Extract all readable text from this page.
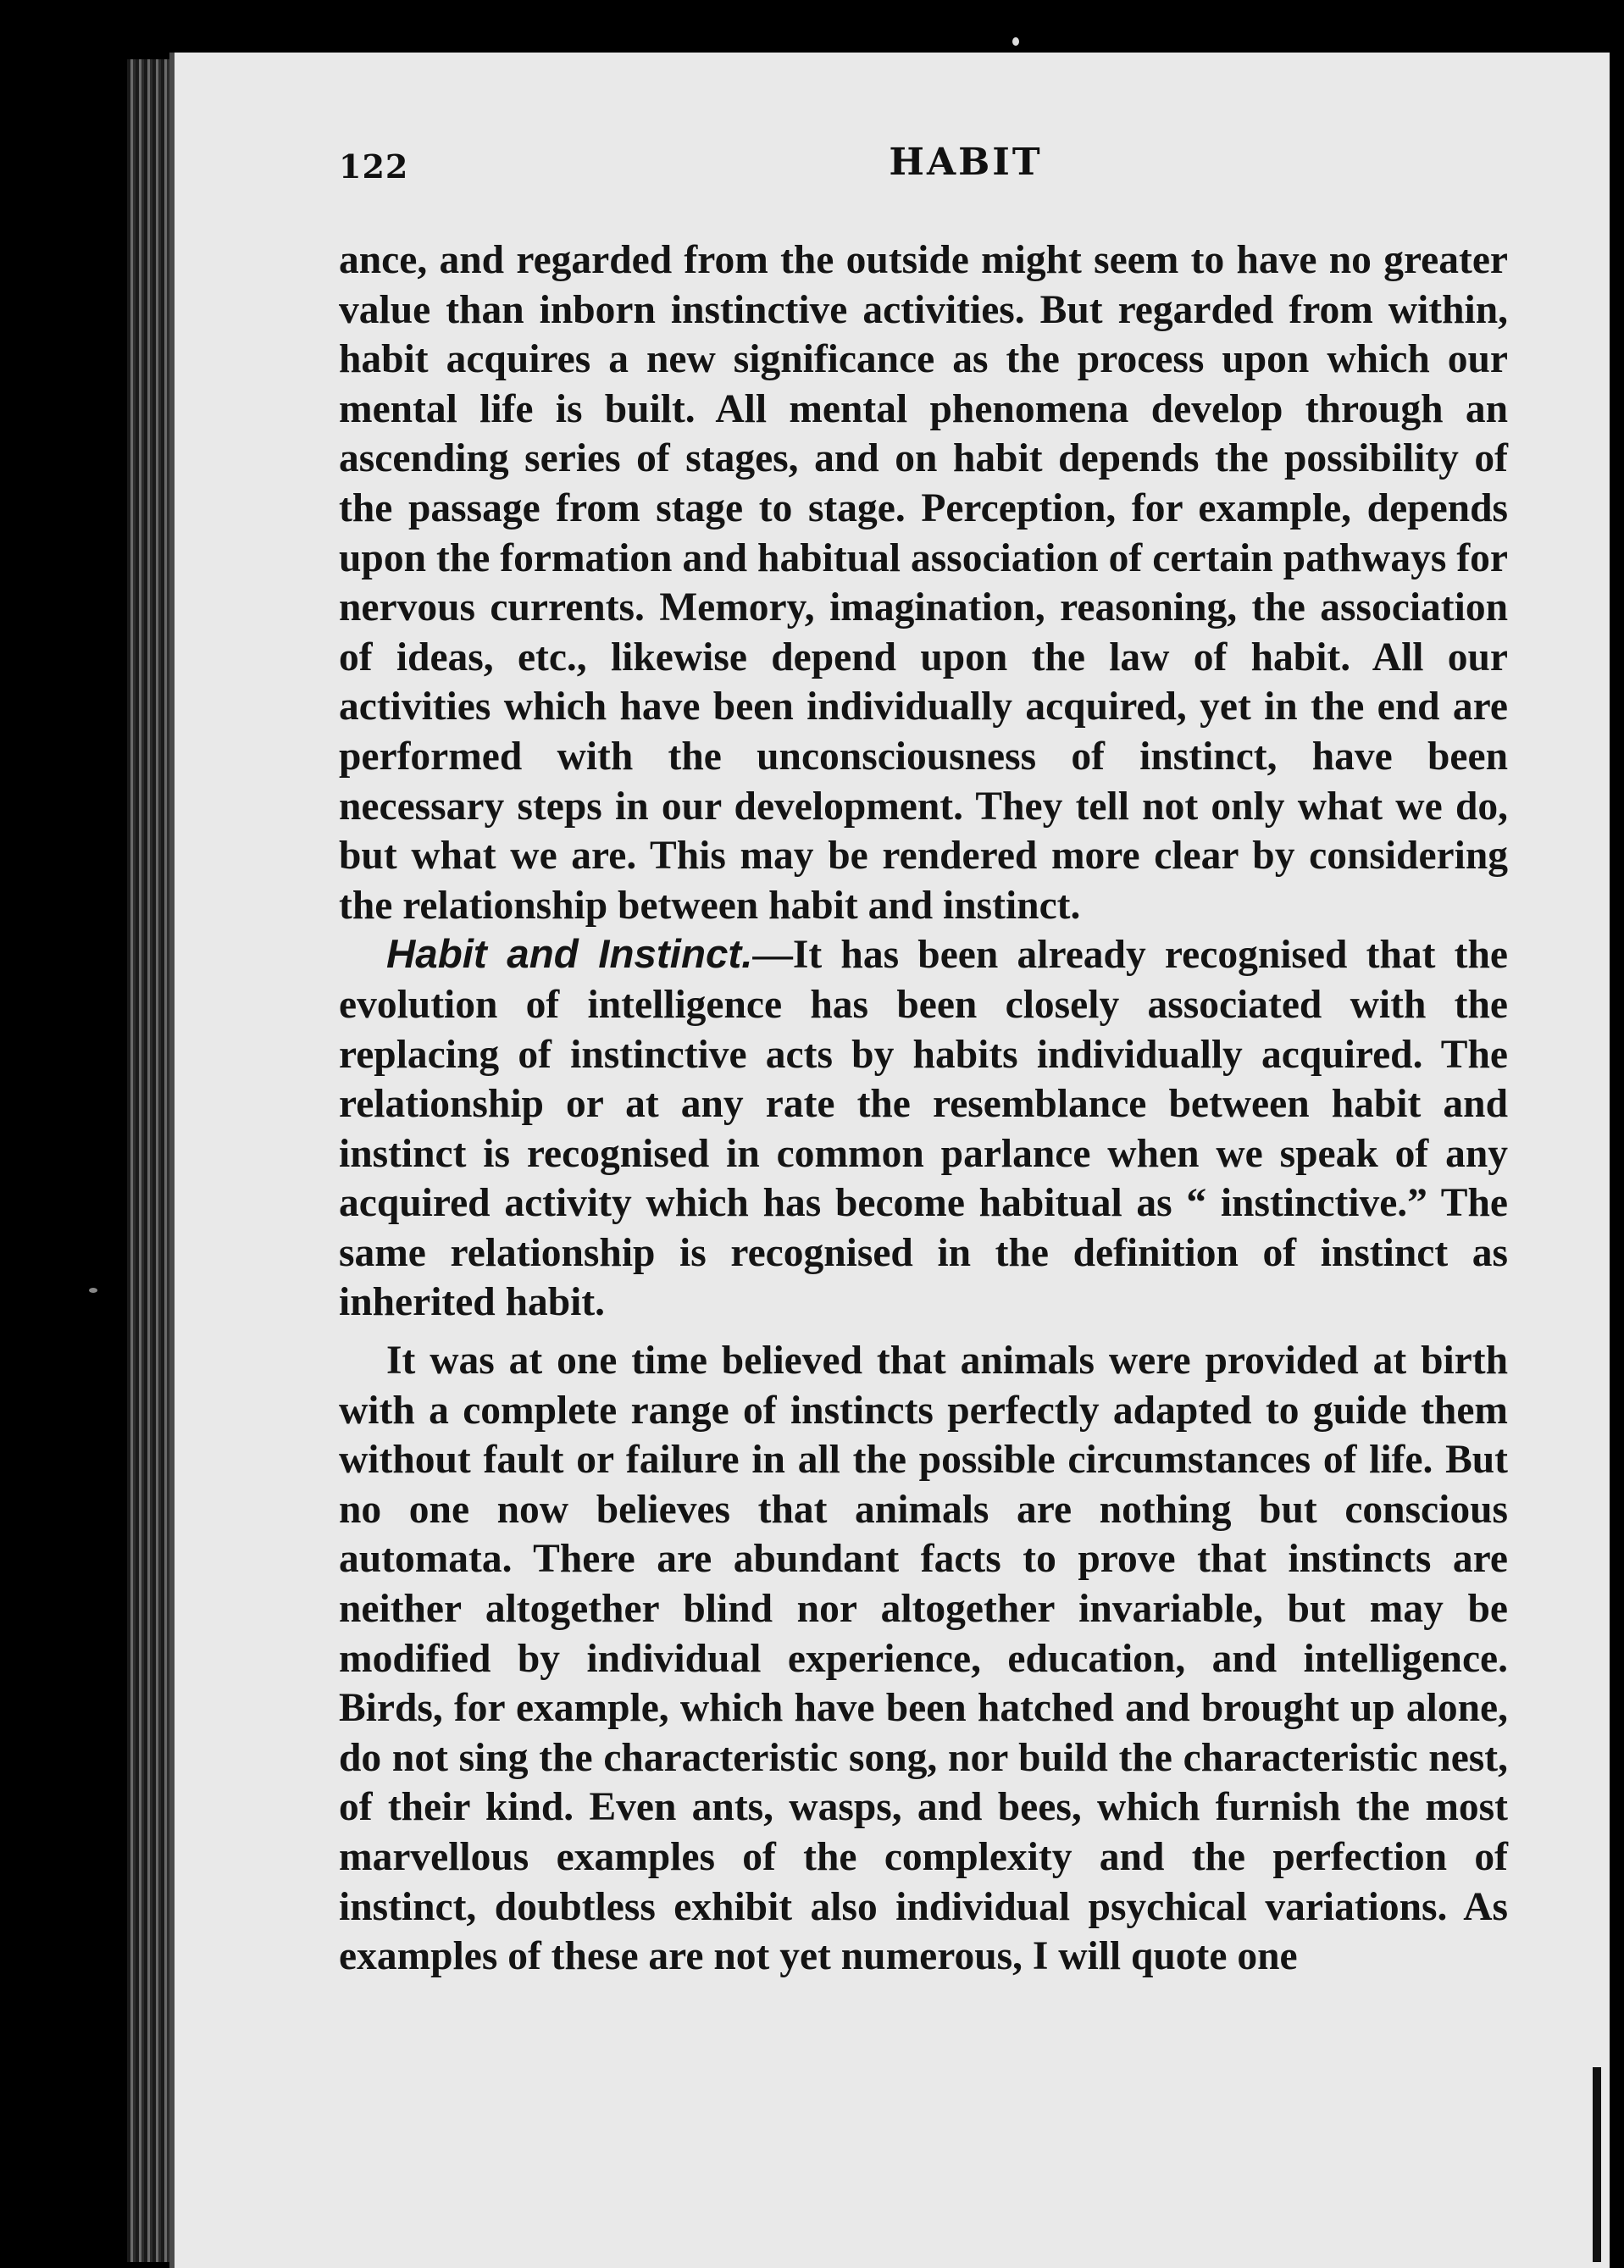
122	HABIT

ance, and regarded from the outside might seem to have no greater value than inborn instinctive activities. But regarded from within, habit acquires a new significance as the process upon which our mental life is built. All mental phenomena develop through an ascending series of stages, and on habit depends the possibility of the passage from stage to stage. Perception, for example, depends upon the formation and habitual association of certain pathways for nervous currents. Memory, imagination, reasoning, the association of ideas, etc., likewise depend upon the law of habit. All our activities which have been individually acquired, yet in the end are performed with the unconsciousness of instinct, have been necessary steps in our development. They tell not only what we do, but what we are. This may be rendered more clear by considering the relationship between habit and instinct.

Habit and Instinct.—It has been already recognised that the evolution of intelligence has been closely associated with the replacing of instinctive acts by habits individually acquired. The relationship or at any rate the resemblance between habit and instinct is recognised in common parlance when we speak of any acquired activity which has become habitual as “ instinctive.” The same relationship is recognised in the definition of instinct as inherited habit.

It was at one time believed that animals were provided at birth with a complete range of instincts perfectly adapted to guide them without fault or failure in all the possible circumstances of life. But no one now believes that animals are nothing but conscious automata. There are abundant facts to prove that instincts are neither altogether blind nor altogether invariable, but may be modified by individual experience, education, and intelligence. Birds, for example, which have been hatched and brought up alone, do not sing the characteristic song, nor build the characteristic nest, of their kind. Even ants, wasps, and bees, which furnish the most marvellous examples of the complexity and the perfection of instinct, doubtless exhibit also individual psychical variations. As examples of these are not yet numerous, I will quote one
